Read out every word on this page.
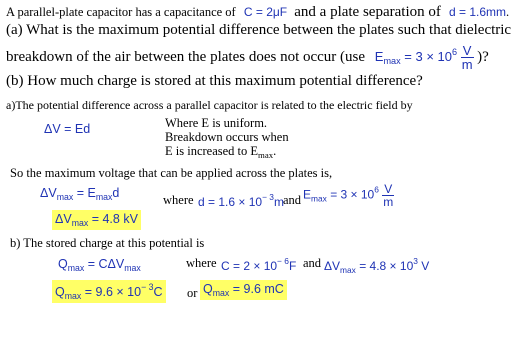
A parallel-plate capacitor has a capacitance of C = 2μF and a plate separation of d = 1.6mm.
(a) What is the maximum potential difference between the plates such that dielectric
breakdown of the air between the plates does not occur (use $E_{max} = 3 \times 10^6 \frac{V}{m}$ )?
(b) How much charge is stored at this maximum potential difference?
a)The potential difference across a parallel capacitor is related to the electric field by
ΔV = Ed	Where E is uniform.
Breakdown occurs when
E is increased to $E_{max}$.
So the maximum voltage that can be applied across the plates is,
$\Delta V_{max} = E_{max}d$	where $d = 1.6 \times 10^{- 3}m$ and $E_{max} = 3 \times 10^6 \frac{V}{m}$
$\Delta V_{max} = 4.8$ kV
b) The stored charge at this potential is
$Q_{max} = C\Delta V_{max}$	where $C = 2 \times 10^{- 6}F$ and $\Delta V_{max} = 4.8 \times 10^3$ V
$Q_{max} = 9.6 \times 10^{- 3}C$ or $Q_{max} = 9.6$ mC
